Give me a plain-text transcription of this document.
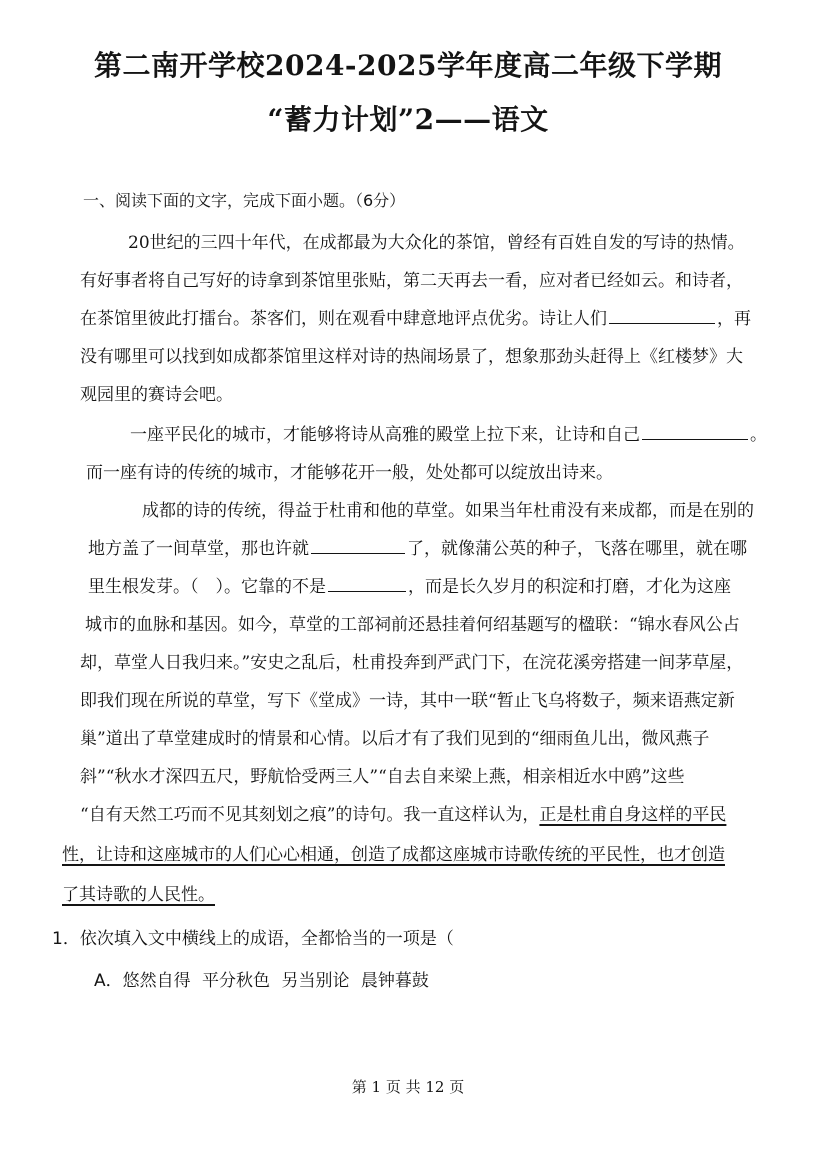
第二南开学校2024-2025学年度高二年级下学期
“蓄力计划”2——语文
一、阅读下面的文字，完成下面小题。（6分）
20世纪的三四十年代，在成都最为大众化的茶馆，曾经有百姓自发的写诗的热情。
有好事者将自己写好的诗拿到茶馆里张贴，第二天再去一看，应对者已经如云。和诗者，
在茶馆里彼此打擂台。茶客们，则在观看中肆意地评点优劣。诗让人们	，再
没有哪里可以找到如成都茶馆里这样对诗的热闹场景了，想象那劲头赶得上《红楼梦》大
观园里的赛诗会吧。
一座平民化的城市，才能够将诗从高雅的殿堂上拉下来，让诗和自己	。
而一座有诗的传统的城市，才能够花开一般，处处都可以绽放出诗来。
成都的诗的传统，得益于杜甫和他的草堂。如果当年杜甫没有来成都，而是在别的
地方盖了一间草堂，那也许就	了，就像蒲公英的种子，飞落在哪里，就在哪
里生根发芽。（　）。它靠的不是	，而是长久岁月的积淀和打磨，才化为这座
城市的血脉和基因。如今，草堂的工部祠前还悬挂着何绍基题写的楹联：“锦水春风公占
却，草堂人日我归来。”安史之乱后，杜甫投奔到严武门下，在浣花溪旁搭建一间茅草屋，
即我们现在所说的草堂，写下《堂成》一诗，其中一联“暂止飞乌将数子，频来语燕定新
巢”道出了草堂建成时的情景和心情。以后才有了我们见到的“细雨鱼儿出，微风燕子
斜”“秋水才深四五尺，野航恰受两三人”“自去自来梁上燕，相亲相近水中鸥”这些
“自有天然工巧而不见其刻划之痕”的诗句。我一直这样认为，正是杜甫自身这样的平民
性，让诗和这座城市的人们心心相通，创造了成都这座城市诗歌传统的平民性，也才创造
了其诗歌的人民性。
1．依次填入文中横线上的成语，全都恰当的一项是（
A．悠然自得 平分秋色 另当别论 晨钟暮鼓
第 1 页 共 12 页
